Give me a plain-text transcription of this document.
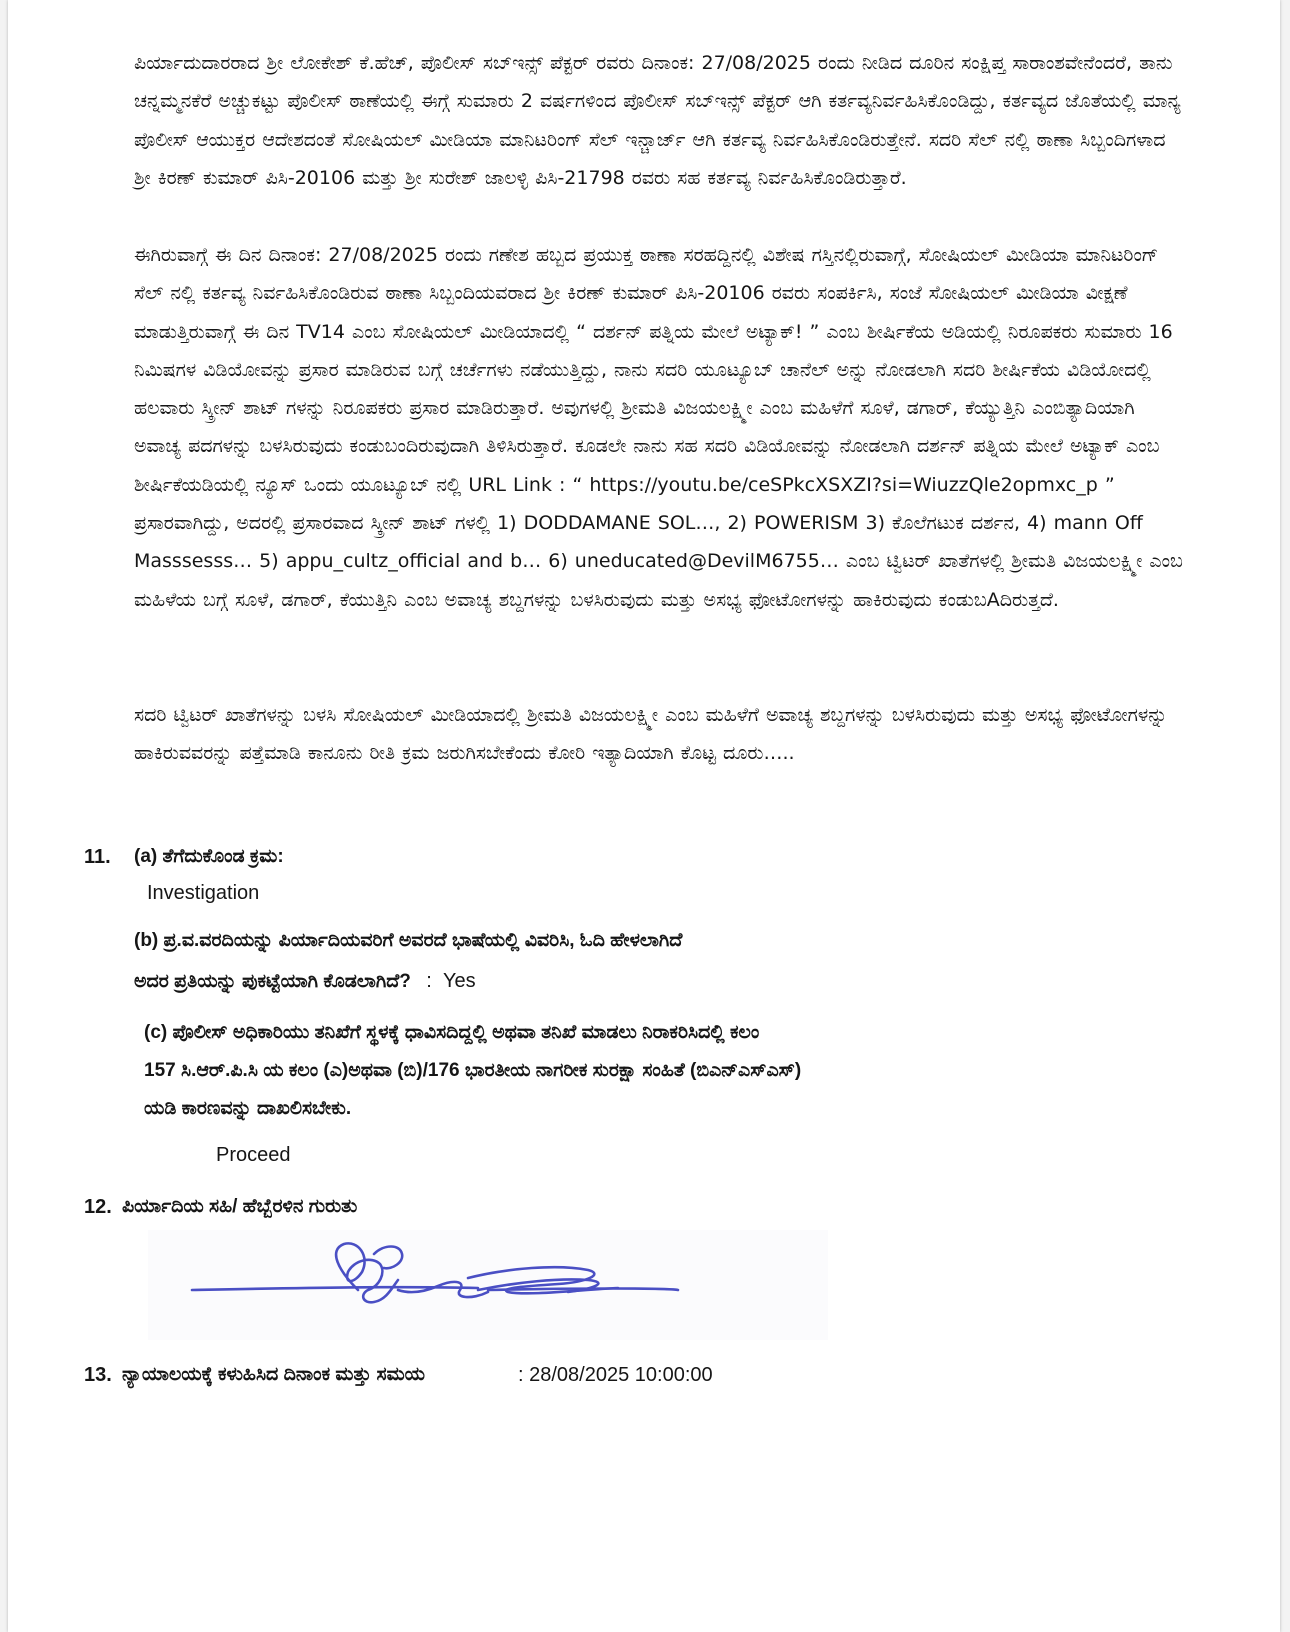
ಪಿರ್ಯಾದುದಾರರಾದ ಶ್ರೀ ಲೋಕೇಶ್ ಕೆ.ಹೆಚ್, ಪೊಲೀಸ್ ಸಬ್‌ಇನ್ಸ್ ಪೆಕ್ಟರ್ ರವರು ದಿನಾಂಕ: 27/08/2025 ರಂದು ನೀಡಿದ ದೂರಿನ ಸಂಕ್ಷಿಪ್ತ ಸಾರಾಂಶವೇನೆಂದರೆ, ತಾನು ಚನ್ನಮ್ಮನಕೆರೆ ಅಚ್ಚುಕಟ್ಟು ಪೊಲೀಸ್ ಠಾಣೆಯಲ್ಲಿ ಈಗ್ಗೆ ಸುಮಾರು 2 ವರ್ಷಗಳಿಂದ ಪೊಲೀಸ್ ಸಬ್‌ಇನ್ಸ್ ಪೆಕ್ಟರ್ ಆಗಿ ಕರ್ತವ್ಯನಿರ್ವಹಿಸಿಕೊಂಡಿದ್ದು, ಕರ್ತವ್ಯದ ಜೊತೆಯಲ್ಲಿ ಮಾನ್ಯ ಪೊಲೀಸ್ ಆಯುಕ್ತರ ಆದೇಶದಂತೆ ಸೋಷಿಯಲ್ ಮೀಡಿಯಾ ಮಾನಿಟರಿಂಗ್ ಸೆಲ್ ಇನ್ಚಾರ್ಜ್ ಆಗಿ ಕರ್ತವ್ಯ ನಿರ್ವಹಿಸಿಕೊಂಡಿರುತ್ತೇನೆ. ಸದರಿ ಸೆಲ್ ನಲ್ಲಿ ಠಾಣಾ ಸಿಬ್ಬಂದಿಗಳಾದ ಶ್ರೀ ಕಿರಣ್ ಕುಮಾರ್ ಪಿಸಿ-20106 ಮತ್ತು ಶ್ರೀ ಸುರೇಶ್ ಜಾಲಳ್ಳಿ ಪಿಸಿ-21798 ರವರು ಸಹ ಕರ್ತವ್ಯ ನಿರ್ವಹಿಸಿಕೊಂಡಿರುತ್ತಾರೆ.
ಈಗಿರುವಾಗ್ಗೆ ಈ ದಿನ ದಿನಾಂಕ: 27/08/2025 ರಂದು ಗಣೇಶ ಹಬ್ಬದ ಪ್ರಯುಕ್ತ ಠಾಣಾ ಸರಹದ್ದಿನಲ್ಲಿ ವಿಶೇಷ ಗಸ್ತಿನಲ್ಲಿರುವಾಗ್ಗೆ, ಸೋಷಿಯಲ್ ಮೀಡಿಯಾ ಮಾನಿಟರಿಂಗ್ ಸೆಲ್ ನಲ್ಲಿ ಕರ್ತವ್ಯ ನಿರ್ವಹಿಸಿಕೊಂಡಿರುವ ಠಾಣಾ ಸಿಬ್ಬಂದಿಯವರಾದ ಶ್ರೀ ಕಿರಣ್ ಕುಮಾರ್ ಪಿಸಿ-20106 ರವರು ಸಂಪರ್ಕಿಸಿ, ಸಂಜೆ ಸೋಷಿಯಲ್ ಮೀಡಿಯಾ ವೀಕ್ಷಣೆ ಮಾಡುತ್ತಿರುವಾಗ್ಗೆ ಈ ದಿನ TV14 ಎಂಬ ಸೋಷಿಯಲ್ ಮೀಡಿಯಾದಲ್ಲಿ “ ದರ್ಶನ್ ಪತ್ನಿಯ ಮೇಲೆ ಅಟ್ಯಾಕ್! ” ಎಂಬ ಶೀರ್ಷಿಕೆಯ ಅಡಿಯಲ್ಲಿ ನಿರೂಪಕರು ಸುಮಾರು 16 ನಿಮಿಷಗಳ ವಿಡಿಯೋವನ್ನು ಪ್ರಸಾರ ಮಾಡಿರುವ ಬಗ್ಗೆ ಚರ್ಚೆಗಳು ನಡೆಯುತ್ತಿದ್ದು, ನಾನು ಸದರಿ ಯೂಟ್ಯೂಬ್ ಚಾನೆಲ್ ಅನ್ನು ನೋಡಲಾಗಿ ಸದರಿ ಶೀರ್ಷಿಕೆಯ ವಿಡಿಯೋದಲ್ಲಿ ಹಲವಾರು ಸ್ಕ್ರೀನ್ ಶಾಟ್ ಗಳನ್ನು ನಿರೂಪಕರು ಪ್ರಸಾರ ಮಾಡಿರುತ್ತಾರೆ. ಅವುಗಳಲ್ಲಿ ಶ್ರೀಮತಿ ವಿಜಯಲಕ್ಷ್ಮೀ ಎಂಬ ಮಹಿಳೆಗೆ ಸೂಳೆ, ಡಗಾರ್, ಕೆಯ್ಯುತ್ತಿನಿ ಎಂಬಿತ್ಯಾದಿಯಾಗಿ ಅವಾಚ್ಯ ಪದಗಳನ್ನು ಬಳಸಿರುವುದು ಕಂಡುಬಂದಿರುವುದಾಗಿ ತಿಳಿಸಿರುತ್ತಾರೆ. ಕೂಡಲೇ ನಾನು ಸಹ ಸದರಿ ವಿಡಿಯೋವನ್ನು ನೋಡಲಾಗಿ ದರ್ಶನ್ ಪತ್ನಿಯ ಮೇಲೆ ಅಟ್ಯಾಕ್ ಎಂಬ ಶೀರ್ಷಿಕೆಯಡಿಯಲ್ಲಿ ನ್ಯೂಸ್ ಒಂದು ಯೂಟ್ಯೂಬ್ ನಲ್ಲಿ URL Link : “ https://youtu.be/ceSPkcXSXZI?si=WiuzzQle2opmxc_p ” ಪ್ರಸಾರವಾಗಿದ್ದು, ಅದರಲ್ಲಿ ಪ್ರಸಾರವಾದ ಸ್ಕ್ರೀನ್ ಶಾಟ್ ಗಳಲ್ಲಿ 1) DODDAMANE SOL…, 2) POWERISM 3) ಕೊಲೆಗಟುಕ ದರ್ಶನ, 4) mann Off Masssesss… 5) appu_cultz_official and b… 6) uneducated@DevilM6755… ಎಂಬ ಟ್ವಿಟರ್ ಖಾತೆಗಳಲ್ಲಿ ಶ್ರೀಮತಿ ವಿಜಯಲಕ್ಷ್ಮೀ ಎಂಬ ಮಹಿಳೆಯ ಬಗ್ಗೆ ಸೂಳೆ, ಡಗಾರ್, ಕೆಯುತ್ತಿನಿ ಎಂಬ ಅವಾಚ್ಯ ಶಬ್ದಗಳನ್ನು ಬಳಸಿರುವುದು ಮತ್ತು ಅಸಭ್ಯ ಫೋಟೋಗಳನ್ನು ಹಾಕಿರುವುದು ಕಂಡುಬAದಿರುತ್ತದೆ.
ಸದರಿ ಟ್ವಿಟರ್ ಖಾತೆಗಳನ್ನು ಬಳಸಿ ಸೋಷಿಯಲ್ ಮೀಡಿಯಾದಲ್ಲಿ ಶ್ರೀಮತಿ ವಿಜಯಲಕ್ಷ್ಮೀ ಎಂಬ ಮಹಿಳೆಗೆ ಅವಾಚ್ಯ ಶಬ್ದಗಳನ್ನು ಬಳಸಿರುವುದು ಮತ್ತು ಅಸಭ್ಯ ಫೋಟೋಗಳನ್ನು ಹಾಕಿರುವವರನ್ನು ಪತ್ತೆಮಾಡಿ ಕಾನೂನು ರೀತಿ ಕ್ರಮ ಜರುಗಿಸಬೇಕೆಂದು ಕೋರಿ ಇತ್ಯಾದಿಯಾಗಿ ಕೊಟ್ಟ ದೂರು…..
11. (a) ತೆಗೆದುಕೊಂಡ ಕ್ರಮ:
Investigation
(b) ಪ್ರ.ವ.ವರದಿಯನ್ನು ಪಿರ್ಯಾದಿಯವರಿಗೆ ಅವರದೆ ಭಾಷೆಯಲ್ಲಿ ವಿವರಿಸಿ, ಓದಿ ಹೇಳಲಾಗಿದೆ
ಅದರ ಪ್ರತಿಯನ್ನು ಪುಕಟ್ಟೆಯಾಗಿ ಕೊಡಲಾಗಿದೆ? : Yes
(c) ಪೊಲೀಸ್ ಅಧಿಕಾರಿಯು ತನಿಖೆಗೆ ಸ್ಥಳಕ್ಕೆ ಧಾವಿಸದಿದ್ದಲ್ಲಿ ಅಥವಾ ತನಿಖೆ ಮಾಡಲು ನಿರಾಕರಿಸಿದಲ್ಲಿ ಕಲಂ
157 ಸಿ.ಆರ್.ಪಿ.ಸಿ ಯ ಕಲಂ (ಎ)ಅಥವಾ (ಬಿ)/176 ಭಾರತೀಯ ನಾಗರೀಕ ಸುರಕ್ಷಾ ಸಂಹಿತೆ (ಬಿಎನ್‌ಎಸ್‌ಎಸ್)
ಯಡಿ ಕಾರಣವನ್ನು ದಾಖಲಿಸಬೇಕು.
Proceed
12. ಪಿರ್ಯಾದಿಯ ಸಹಿ/ ಹೆಬ್ಬೆರಳಿನ ಗುರುತು
13. ನ್ಯಾಯಾಲಯಕ್ಕೆ ಕಳುಹಿಸಿದ ದಿನಾಂಕ ಮತ್ತು ಸಮಯ	: 28/08/2025 10:00:00
